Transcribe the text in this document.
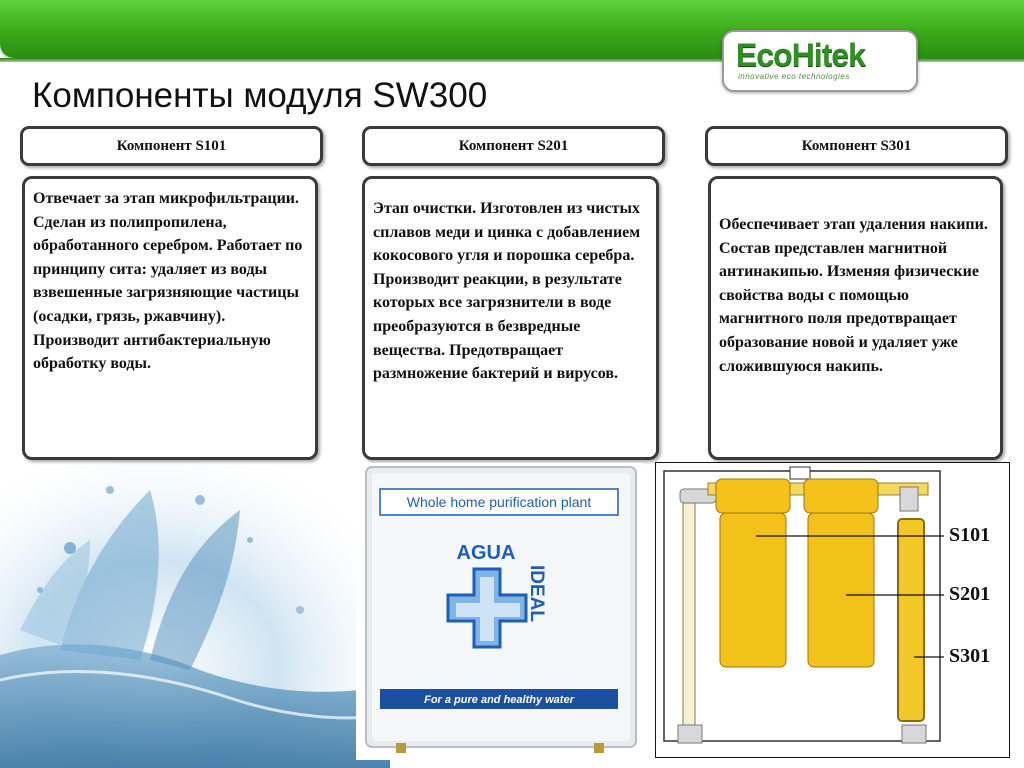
EcoHitek
innovative eco technologies
Компоненты модуля SW300
Компонент S101	Компонент S201	Компонент S301
Отвечает за этап микрофильтрации. Сделан из полипропилена, обработанного серебром. Работает по принципу сита: удаляет из воды взвешенные загрязняющие частицы (осадки, грязь, ржавчину). Производит антибактериальную обработку воды.
Этап очистки. Изготовлен из чистых сплавов меди и цинка с добавлением кокосового угля и порошка серебра. Производит реакции, в результате которых все загрязнители в воде преобразуются в безвредные вещества. Предотвращает размножение бактерий и вирусов.
Обеспечивает этап удаления накипи. Состав представлен магнитной антинакипью. Изменяя физические свойства воды с помощью магнитного поля предотвращает образование новой и удаляет уже сложившуюся накипь.
Whole home purification plant
AGUA
IDEAL
For a pure and healthy water
S101
S201
S301
